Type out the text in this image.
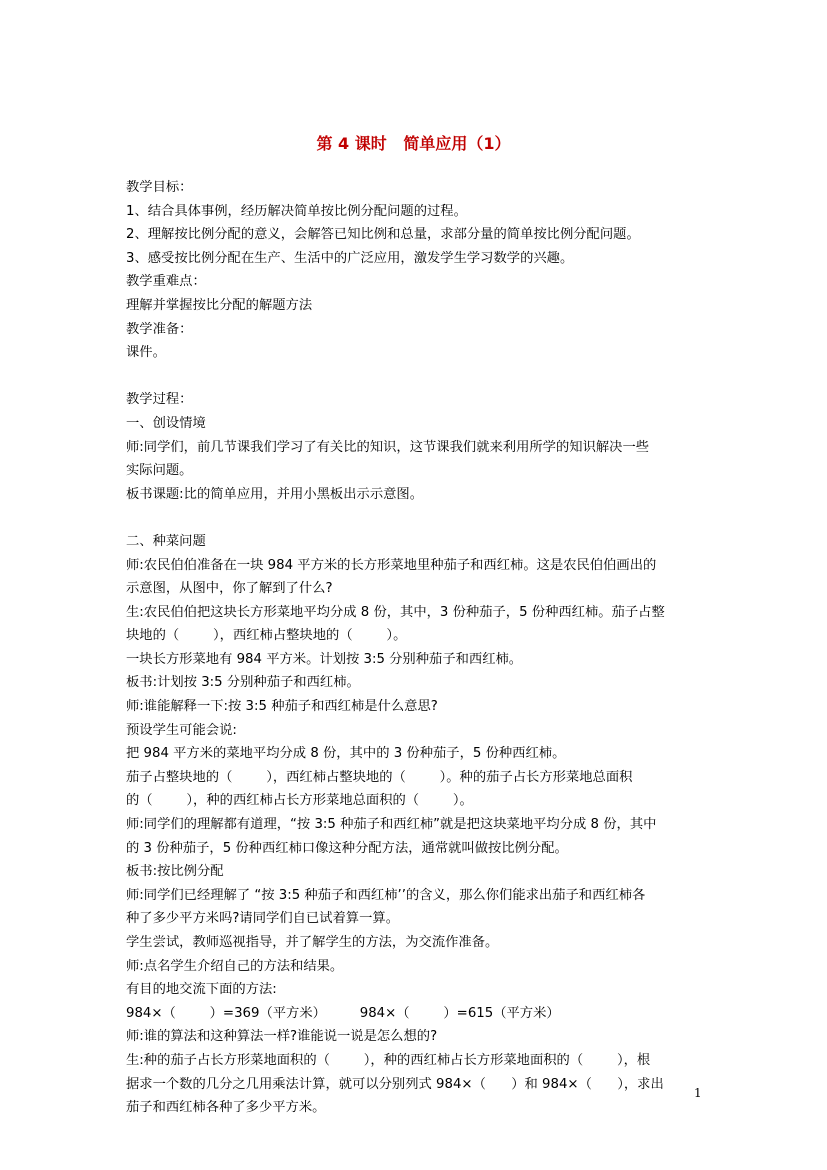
第 4 课时   简单应用（1）
教学目标：
1、结合具体事例，经历解决简单按比例分配问题的过程。
2、理解按比例分配的意义，会解答已知比例和总量，求部分量的简单按比例分配问题。
3、感受按比例分配在生产、生活中的广泛应用，激发学生学习数学的兴趣。
教学重难点：
理解并掌握按比分配的解题方法
教学准备：
课件。
教学过程：
一、创设情境
师:同学们，前几节课我们学习了有关比的知识，这节课我们就来利用所学的知识解决一些
实际问题。
板书课题:比的简单应用，并用小黑板出示示意图。
二、种菜问题
师:农民伯伯准备在一块 984 平方米的长方形菜地里种茄子和西红柿。这是农民伯伯画出的
示意图，从图中，你了解到了什么?
生:农民伯伯把这块长方形菜地平均分成 8 份，其中，3 份种茄子，5 份种西红柿。茄子占整
块地的（        ），西红柿占整块地的（        ）。
一块长方形菜地有 984 平方米。计划按 3:5 分别种茄子和西红柿。
板书:计划按 3:5 分别种茄子和西红柿。
师:谁能解释一下:按 3:5 种茄子和西红柿是什么意思?
预设学生可能会说:
把 984 平方米的菜地平均分成 8 份，其中的 3 份种茄子，5 份种西红柿。
茄子占整块地的（        ），西红柿占整块地的（        ）。种的茄子占长方形菜地总面积
的（        ），种的西红柿占长方形菜地总面积的（        ）。
师:同学们的理解都有道理，“按 3:5 种茄子和西红柿”就是把这块菜地平均分成 8 份，其中
的 3 份种茄子，5 份种西红柿口像这种分配方法，通常就叫做按比例分配。
板书:按比例分配
师:同学们已经理解了 “按 3:5 种茄子和西红柿’’的含义，那么你们能求出茄子和西红柿各
种了多少平方米吗?请同学们自已试着算一算。
学生尝试，教师巡视指导，并了解学生的方法，为交流作准备。
师:点名学生介绍自己的方法和结果。
有目的地交流下面的方法:
984×（        ）=369（平方米）        984×（        ）=615（平方米）
师:谁的算法和这种算法一样?谁能说一说是怎么想的?
生:种的茄子占长方形菜地面积的（        ），种的西红柿占长方形菜地面积的（        ），根
据求一个数的几分之几用乘法计算，就可以分别列式 984×（      ）和 984×（      ），求出
茄子和西红柿各种了多少平方米。
1
